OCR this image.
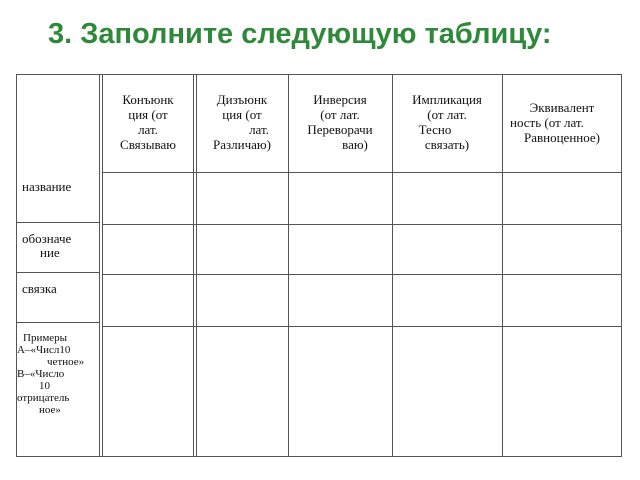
3. Заполните следующую таблицу:
Конъюнк
ция (от
лат.
Связываю
Дизъюнк
ция (от
лат.
Различаю)
Инверсия
(от лат.
Переворачи
ваю)
Импликация
(от лат.
Тесно
связать)
Эквивалент
ность (от лат.
Равноценное)
название
обозначе
ние
связка
Примеры
А–«Числ10
четное»
В–«Число
10
отрицатель
ное»
